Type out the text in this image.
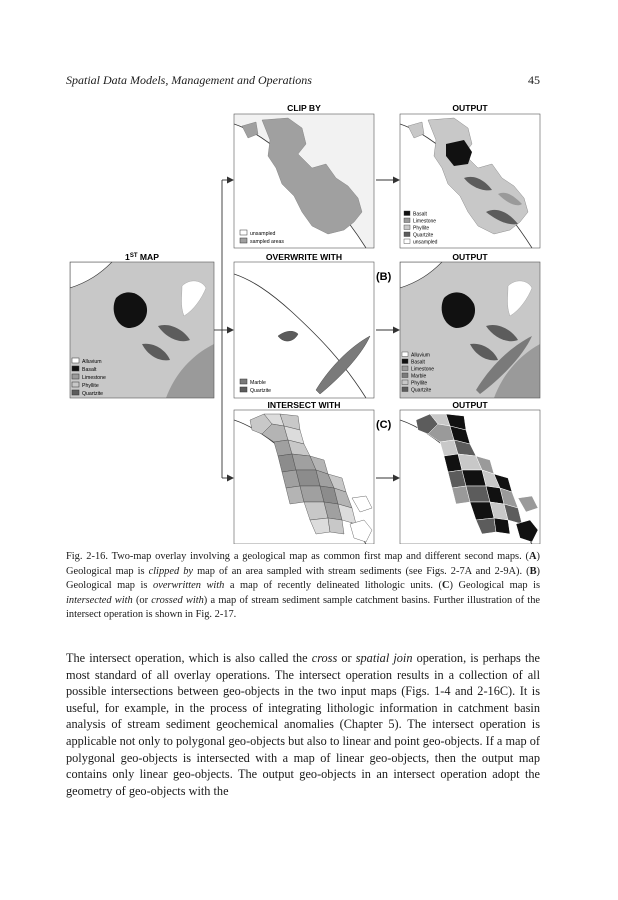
Spatial Data Models, Management and Operations	45
CLIP BY	OUTPUT
1ST MAP	OVERWRITE WITH	OUTPUT
(B)
INTERSECT WITH	OUTPUT
(C)
unsampled
sampled areas
Basalt
Limestone
Phyllite
Quartzite
unsampled
Alluvium
Basalt
Limestone
Phyllite
Quartzite
Marble
Quartzite
Alluvium
Basalt
Limestone
Marble
Phyllite
Quartzite
Fig. 2-16. Two-map overlay involving a geological map as common first map and different second maps. (A) Geological map is clipped by map of an area sampled with stream sediments (see Figs. 2-7A and 2-9A). (B) Geological map is overwritten with a map of recently delineated lithologic units. (C) Geological map is intersected with (or crossed with) a map of stream sediment sample catchment basins. Further illustration of the intersect operation is shown in Fig. 2-17.

The intersect operation, which is also called the cross or spatial join operation, is perhaps the most standard of all overlay operations. The intersect operation results in a collection of all possible intersections between geo-objects in the two input maps (Figs. 1-4 and 2-16C). It is useful, for example, in the process of integrating lithologic information in catchment basin analysis of stream sediment geochemical anomalies (Chapter 5). The intersect operation is applicable not only to polygonal geo-objects but also to linear and point geo-objects. If a map of polygonal geo-objects is intersected with a map of linear geo-objects, then the output map contains only linear geo-objects. The output geo-objects in an intersect operation adopt the geometry of geo-objects with the
